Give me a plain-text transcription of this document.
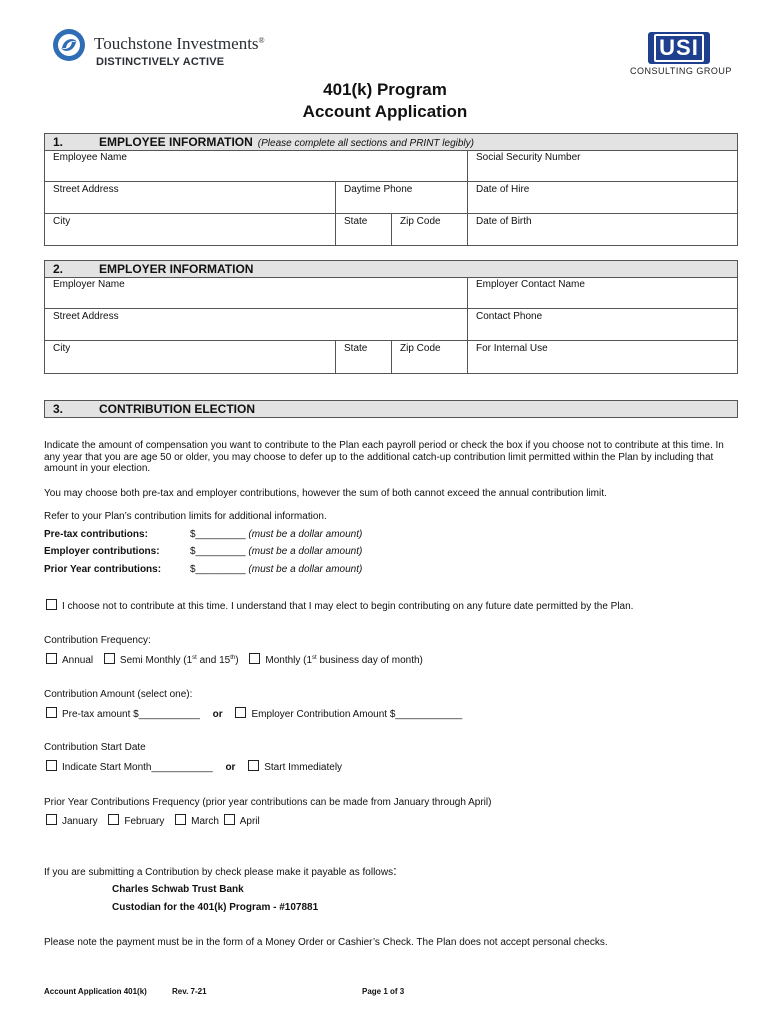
Touchstone Investments®
DISTINCTIVELY ACTIVE
USI
CONSULTING GROUP
401(k) Program
Account Application
1.	EMPLOYEE INFORMATION (Please complete all sections and PRINT legibly)
Employee Name	Social Security Number
Street Address	Daytime Phone	Date of Hire
City	State	Zip Code	Date of Birth
2.	EMPLOYER INFORMATION
Employer Name	Employer Contact Name
Street Address	Contact Phone
City	State	Zip Code	For Internal Use
3.	CONTRIBUTION ELECTION
Indicate the amount of compensation you want to contribute to the Plan each payroll period or check the box if you choose not to contribute at this time. In any year that you are age 50 or older, you may choose to defer up to the additional catch-up contribution limit permitted within the Plan by including that amount in your election.
You may choose both pre-tax and employer contributions, however the sum of both cannot exceed the annual contribution limit.
Refer to your Plan’s contribution limits for additional information.
Pre-tax contributions:	$_________ (must be a dollar amount)
Employer contributions:	$_________ (must be a dollar amount)
Prior Year contributions:	$_________ (must be a dollar amount)
I choose not to contribute at this time. I understand that I may elect to begin contributing on any future date permitted by the Plan.
Contribution Frequency:
Annual	Semi Monthly (1st and 15th)	Monthly (1st business day of month)
Contribution Amount (select one):
Pre-tax amount $___________ or	Employer Contribution Amount $____________
Contribution Start Date
Indicate Start Month___________ or	Start Immediately
Prior Year Contributions Frequency (prior year contributions can be made from January through April)
January	February	March April
If you are submitting a Contribution by check please make it payable as follows:
Charles Schwab Trust Bank
Custodian for the 401(k) Program - #107881
Please note the payment must be in the form of a Money Order or Cashier’s Check. The Plan does not accept personal checks.
Account Application 401(k)	Rev. 7-21	Page 1 of 3
